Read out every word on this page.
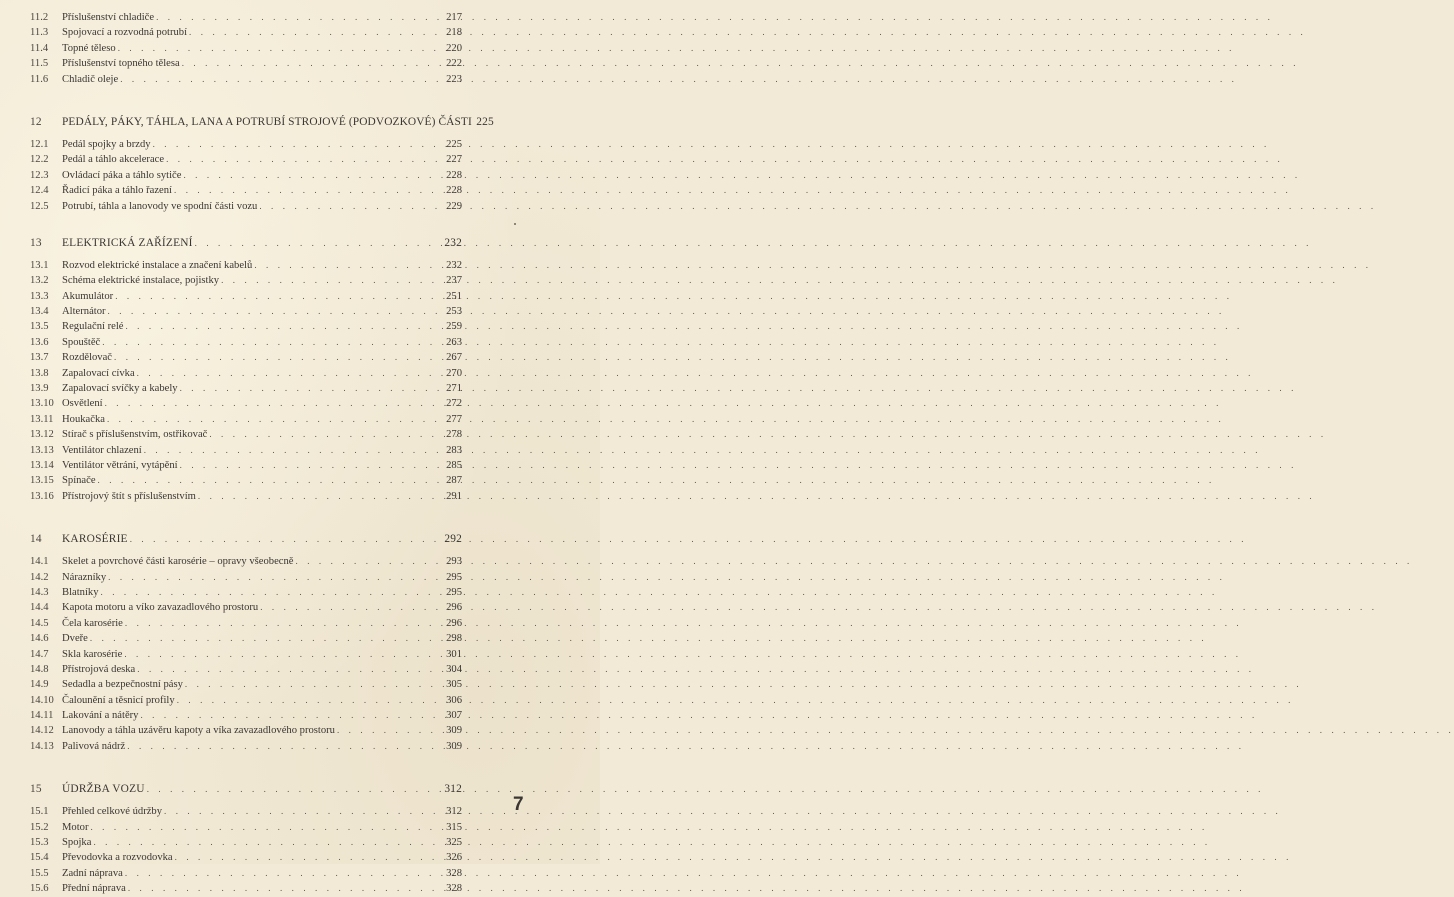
11.2	Příslušenství chladiče . . .	217
11.3	Spojovací a rozvodná potrubí . . .	218
11.4	Topné těleso . . .	220
11.5	Příslušenství topného tělesa . . .	222
11.6	Chladič oleje . . .	223
12	PEDÁLY, PÁKY, TÁHLA, LANA A POTRUBÍ STROJOVÉ (PODVOZKOVÉ) ČÁSTI 225
12.1	Pedál spojky a brzdy . . .	225
12.2	Pedál a táhlo akcelerace . . .	227
12.3	Ovládací páka a táhlo sytiče . . .	228
12.4	Řadicí páka a táhlo řazení . . .	228
12.5	Potrubí, táhla a lanovody ve spodní části vozu . . .	229
13	ELEKTRICKÁ ZAŘÍZENÍ . . .	232
13.1	Rozvod elektrické instalace a značení kabelů . . .	232
13.2	Schéma elektrické instalace, pojistky . . .	237
13.3	Akumulátor . . .	251
13.4	Alternátor . . .	253
13.5	Regulační relé . . .	259
13.6	Spouštěč . . .	263
13.7	Rozdělovač . . .	267
13.8	Zapalovací cívka . . .	270
13.9	Zapalovací svíčky a kabely . . .	271
13.10 Osvětlení . . .	272
13.11 Houkačka . . .	277
13.12 Stírač s příslušenstvím, ostřikovač . . .	278
13.13 Ventilátor chlazení . . .	283
13.14 Ventilátor větrání, vytápění . . .	285
13.15 Spínače . . .	287
13.16 Přístrojový štít s příslušenstvím . . .	291
14	KAROSÉRIE . . .	292
14.1	Skelet a povrchové části karosérie – opravy všeobecně . . .	293
14.2	Nárazníky . . .	295
14.3	Blatníky . . .	295
14.4	Kapota motoru a víko zavazadlového prostoru . . .	296
14.5	Čela karosérie . . .	296
14.6	Dveře . . .	298
14.7	Skla karosérie . . .	301
14.8	Přístrojová deska . . .	304
14.9	Sedadla a bezpečnostní pásy . . .	305
14.10 Čalounění a těsnicí profily . . .	306
14.11 Lakování a nátěry . . .	307
14.12 Lanovody a táhla uzávěru kapoty a víka zavazadlového prostoru . . .	309
14.13 Palivová nádrž . . .	309
15	ÚDRŽBA VOZU . . .	312
15.1	Přehled celkové údržby . . .	312
15.2	Motor . . .	315
15.3	Spojka . . .	325
15.4	Převodovka a rozvodovka . . .	326
15.5	Zadní náprava . . .	328
15.6	Přední náprava . . .	328
7
